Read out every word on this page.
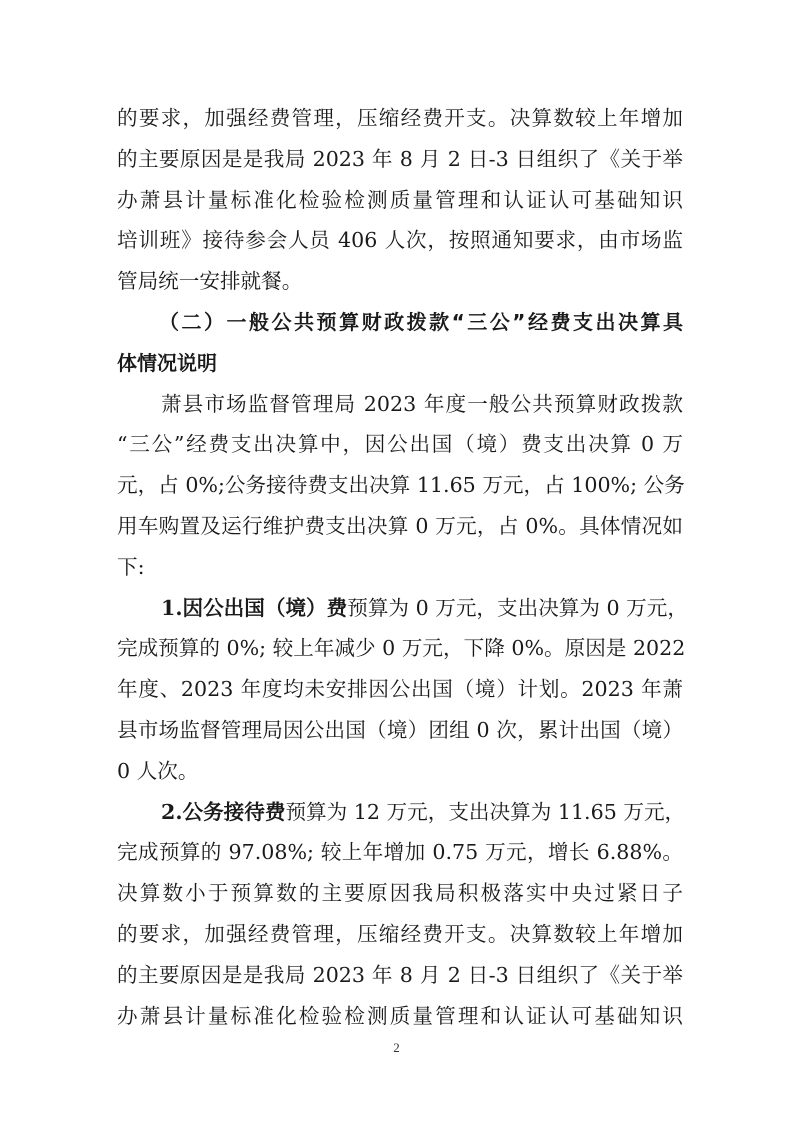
的要求，加强经费管理，压缩经费开支。决算数较上年增加
的主要原因是是我局 2023 年 8 月 2 日-3 日组织了《关于举
办萧县计量标准化检验检测质量管理和认证认可基础知识
培训班》接待参会人员 406 人次，按照通知要求，由市场监
管局统一安排就餐。
（二）一般公共预算财政拨款“三公”经费支出决算具
体情况说明
萧县市场监督管理局 2023 年度一般公共预算财政拨款
“三公”经费支出决算中，因公出国（境）费支出决算 0 万
元，占 0%;公务接待费支出决算 11.65 万元，占 100%; 公务
用车购置及运行维护费支出决算 0 万元，占 0%。具体情况如
下:
1.因公出国（境）费预算为 0 万元，支出决算为 0 万元，
完成预算的 0%; 较上年减少 0 万元，下降 0%。原因是 2022
年度、2023 年度均未安排因公出国（境）计划。2023 年萧
县市场监督管理局因公出国（境）团组 0 次，累计出国（境）
0 人次。
2.公务接待费预算为 12 万元，支出决算为 11.65 万元，
完成预算的 97.08%; 较上年增加 0.75 万元，增长 6.88%。
决算数小于预算数的主要原因我局积极落实中央过紧日子
的要求，加强经费管理，压缩经费开支。决算数较上年增加
的主要原因是是我局 2023 年 8 月 2 日-3 日组织了《关于举
办萧县计量标准化检验检测质量管理和认证认可基础知识
2
